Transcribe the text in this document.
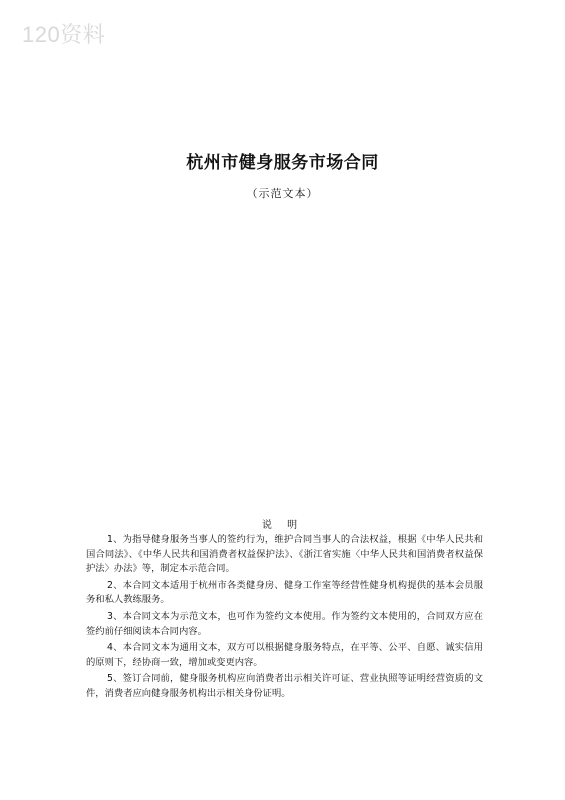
120资料
杭州市健身服务市场合同
（示范文本）
说 明

1、为指导健身服务当事人的签约行为，维护合同当事人的合法权益，根据《中华人民共和国合同法》、《中华人民共和国消费者权益保护法》、《浙江省实施〈中华人民共和国消费者权益保护法〉办法》等，制定本示范合同。

2、本合同文本适用于杭州市各类健身房、健身工作室等经营性健身机构提供的基本会员服务和私人教练服务。

3、本合同文本为示范文本，也可作为签约文本使用。作为签约文本使用的，合同双方应在签约前仔细阅读本合同内容。

4、本合同文本为通用文本，双方可以根据健身服务特点，在平等、公平、自愿、诚实信用的原则下，经协商一致，增加或变更内容。

5、签订合同前，健身服务机构应向消费者出示相关许可证、营业执照等证明经营资质的文件，消费者应向健身服务机构出示相关身份证明。
